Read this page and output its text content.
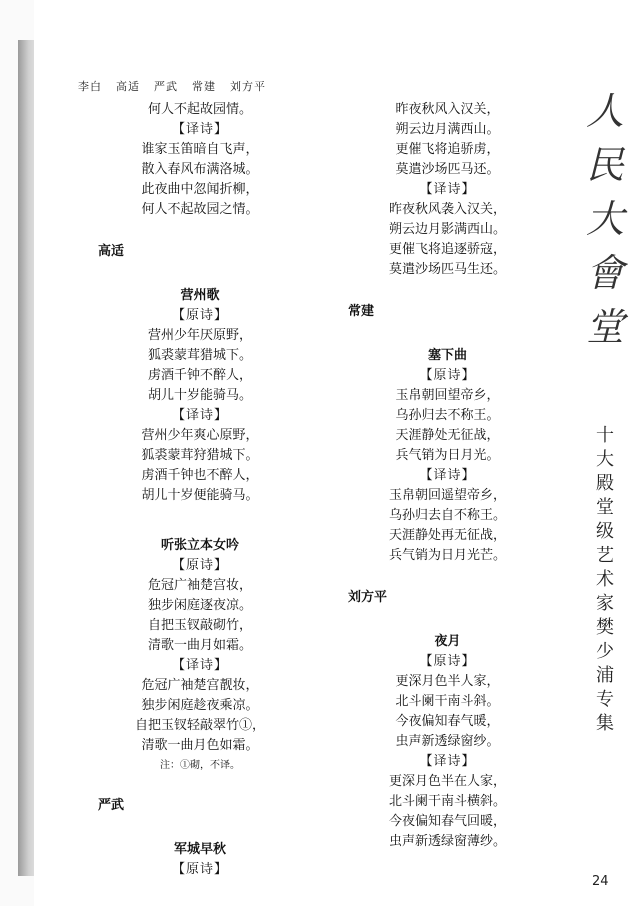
李白 高适 严武 常建 刘方平
何人不起故园情。
【译诗】
谁家玉笛暗自飞声，
散入春风布满洛城。
此夜曲中忽闻折柳，
何人不起故园之情。
高适
营州歌
【原诗】
营州少年厌原野，
狐裘蒙茸猎城下。
虏酒千钟不醉人，
胡儿十岁能骑马。
【译诗】
营州少年爽心原野，
狐裘蒙茸狩猎城下。
虏酒千钟也不醉人，
胡儿十岁便能骑马。
听张立本女吟
【原诗】
危冠广袖楚宫妆，
独步闲庭逐夜凉。
自把玉钗敲砌竹，
清歌一曲月如霜。
【译诗】
危冠广袖楚宫靓妆，
独步闲庭趁夜乘凉。
自把玉钗轻敲翠竹①，
清歌一曲月色如霜。
注：①砌，不译。
严武
军城早秋
【原诗】
昨夜秋风入汉关，
朔云边月满西山。
更催飞将追骄虏，
莫遣沙场匹马还。
【译诗】
昨夜秋风袭入汉关，
朔云边月影满西山。
更催飞将追逐骄寇，
莫遣沙场匹马生还。
常建
塞下曲
【原诗】
玉帛朝回望帝乡，
乌孙归去不称王。
天涯静处无征战，
兵气销为日月光。
【译诗】
玉帛朝回遥望帝乡，
乌孙归去自不称王。
天涯静处再无征战，
兵气销为日月光芒。
刘方平
夜月
【原诗】
更深月色半人家，
北斗阑干南斗斜。
今夜偏知春气暖，
虫声新透绿窗纱。
【译诗】
更深月色半在人家，
北斗阑干南斗横斜。
今夜偏知春气回暖，
虫声新透绿窗薄纱。
人
民
大
會
堂
十
大
殿
堂
级
艺
术
家
樊
少
浦
专
集
24
